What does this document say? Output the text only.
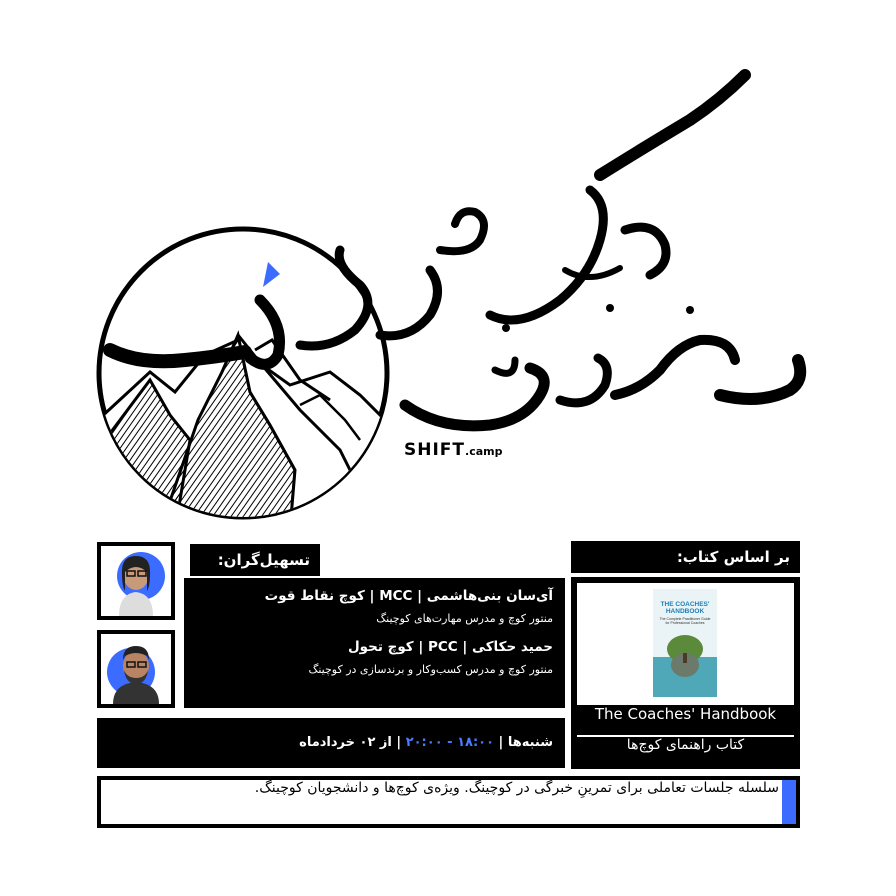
SHIFT.camp
تسهیل‌گران:
آی‌سان بنی‌هاشمی | MCC | کوچ نقاط قوت
منتور کوچ و مدرس مهارت‌های کوچینگ
حمید حکاکی | PCC | کوچ تحول
منتور کوچ و مدرس کسب‌وکار و برندسازی در کوچینگ
شنبه‌ها | ۱۸:۰۰ - ۲۰:۰۰ | از ۰۲ خردادماه
بر اساس کتاب:
THE COACHES' HANDBOOK
The Complete Practitioner Guide for Professional Coaches
The Coaches' Handbook
کتاب راهنمای کوچ‌ها
سلسله جلسات تعاملی برای تمرینِ خبرگی در کوچینگ. ویژه‌ی کوچ‌ها و دانشجویان کوچینگ.
